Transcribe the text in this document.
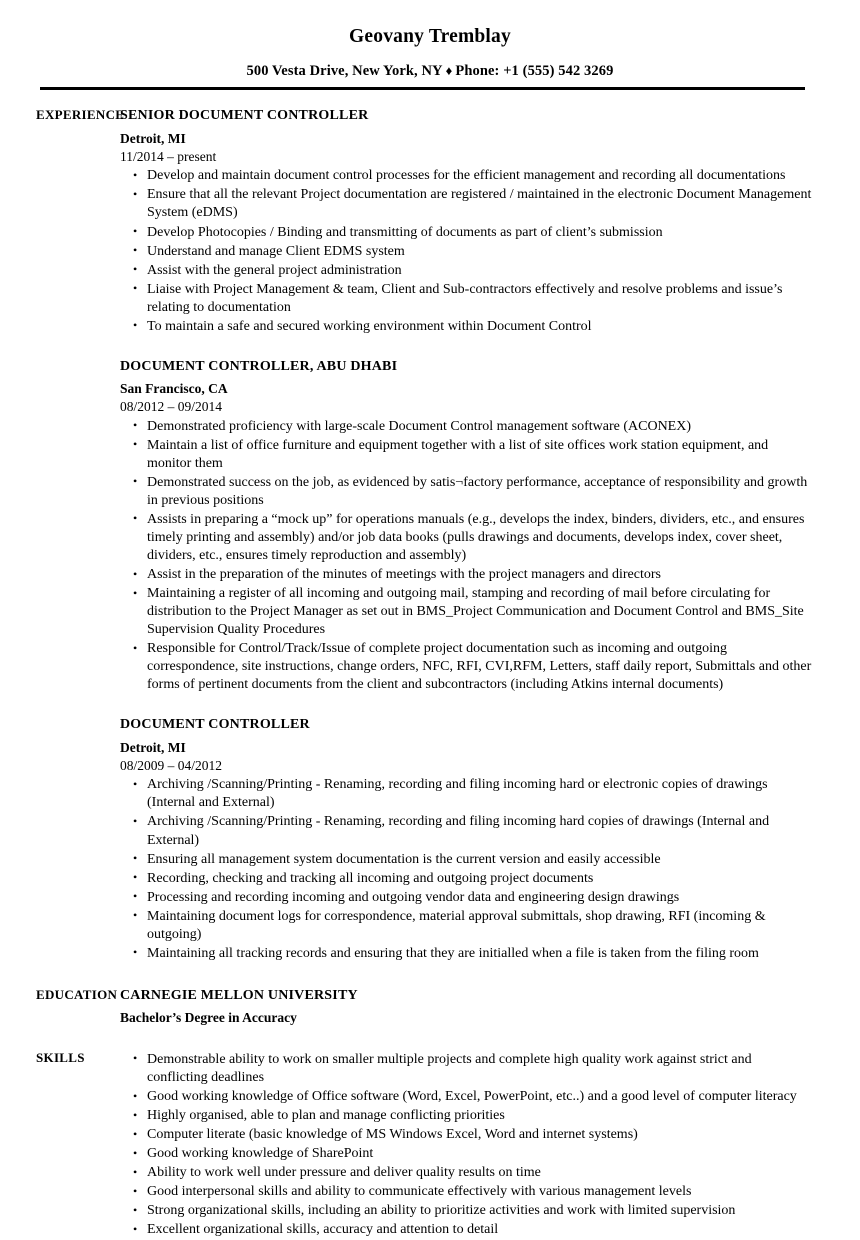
Geovany Tremblay
500 Vesta Drive, New York, NY ♦ Phone: +1 (555) 542 3269
EXPERIENCE
SENIOR DOCUMENT CONTROLLER
Detroit, MI
11/2014 – present
• Develop and maintain document control processes for the efficient management and recording all documentations
• Ensure that all the relevant Project documentation are registered / maintained in the electronic Document Management System (eDMS)
• Develop Photocopies / Binding and transmitting of documents as part of client’s submission
• Understand and manage Client EDMS system
• Assist with the general project administration
• Liaise with Project Management & team, Client and Sub-contractors effectively and resolve problems and issue’s relating to documentation
• To maintain a safe and secured working environment within Document Control
DOCUMENT CONTROLLER, ABU DHABI
San Francisco, CA
08/2012 – 09/2014
• Demonstrated proficiency with large-scale Document Control management software (ACONEX)
• Maintain a list of office furniture and equipment together with a list of site offices work station equipment, and monitor them
• Demonstrated success on the job, as evidenced by satis¬factory performance, acceptance of responsibility and growth in previous positions
• Assists in preparing a “mock up” for operations manuals (e.g., develops the index, binders, dividers, etc., and ensures timely printing and assembly) and/or job data books (pulls drawings and documents, develops index, cover sheet, dividers, etc., ensures timely reproduction and assembly)
• Assist in the preparation of the minutes of meetings with the project managers and directors
• Maintaining a register of all incoming and outgoing mail, stamping and recording of mail before circulating for distribution to the Project Manager as set out in BMS_Project Communication and Document Control and BMS_Site Supervision Quality Procedures
• Responsible for Control/Track/Issue of complete project documentation such as incoming and outgoing correspondence, site instructions, change orders, NFC, RFI, CVI,RFM, Letters, staff daily report, Submittals and other forms of pertinent documents from the client and subcontractors (including Atkins internal documents)
DOCUMENT CONTROLLER
Detroit, MI
08/2009 – 04/2012
• Archiving /Scanning/Printing - Renaming, recording and filing incoming hard or electronic copies of drawings (Internal and External)
• Archiving /Scanning/Printing - Renaming, recording and filing incoming hard copies of drawings (Internal and External)
• Ensuring all management system documentation is the current version and easily accessible
• Recording, checking and tracking all incoming and outgoing project documents
• Processing and recording incoming and outgoing vendor data and engineering design drawings
• Maintaining document logs for correspondence, material approval submittals, shop drawing, RFI (incoming & outgoing)
• Maintaining all tracking records and ensuring that they are initialled when a file is taken from the filing room
EDUCATION CARNEGIE MELLON UNIVERSITY
Bachelor’s Degree in Accuracy
SKILLS	• Demonstrable ability to work on smaller multiple projects and complete high quality work against strict and conflicting deadlines
• Good working knowledge of Office software (Word, Excel, PowerPoint, etc..) and a good level of computer literacy
• Highly organised, able to plan and manage conflicting priorities
• Computer literate (basic knowledge of MS Windows Excel, Word and internet systems)
• Good working knowledge of SharePoint
• Ability to work well under pressure and deliver quality results on time
• Good interpersonal skills and ability to communicate effectively with various management levels
• Strong organizational skills, including an ability to prioritize activities and work with limited supervision
• Excellent organizational skills, accuracy and attention to detail
